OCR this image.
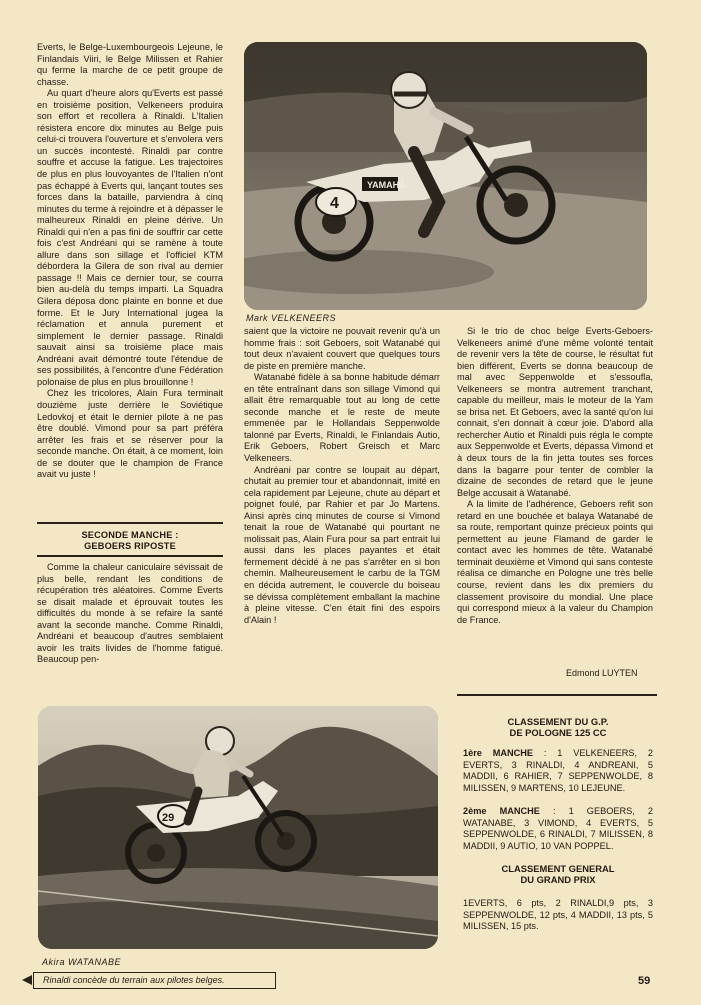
Everts, le Belge-Luxembourgeois Lejeune, le Finlandais Viiri, le Belge Milissen et Rahier qu ferme la marche de ce petit groupe de chasse.

Au quart d'heure alors qu'Everts est passé en troisième position, Velkeneers produira son effort et recollera à Rinaldi. L'Italien résistera encore dix minutes au Belge puis celui-ci trouvera l'ouverture et s'envolera vers un succès incontesté. Rinaldi par contre souffre et accuse la fatigue. Les trajectoires de plus en plus louvoyantes de l'Italien n'ont pas échappé à Everts qui, lançant toutes ses forces dans la bataille, parviendra à cinq minutes du terme à rejoindre et à dépasser le malheureux Rinaldi en pleine dérive. Un Rinaldi qui n'en a pas fini de souffrir car cette fois c'est Andréani qui se ramène à toute allure dans son sillage et l'officiel KTM débordera la Gilera de son rival au dernier passage !! Mais ce dernier tour, se courra bien au-delà du temps imparti. La Squadra Gilera déposa donc plainte en bonne et due forme. Et le Jury International jugea la réclamation et annula purement et simplement le dernier passage. Rinaldi sauvait ainsi sa troisième place mais Andréani avait démontré toute l'étendue de ses possibilités, à l'encontre d'une Fédération polonaise de plus en plus brouillonne !

Chez les tricolores, Alain Fura terminait douzième juste derrière le Soviétique Ledovkoj et était le dernier pilote à ne pas être doublé. Vimond pour sa part préféra arrêter les frais et se réserver pour la seconde manche. On était, à ce moment, loin de se douter que le champion de France avait vu juste !

SECONDE MANCHE :
GEBOERS RIPOSTE

Comme la chaleur caniculaire sévissait de plus belle, rendant les conditions de récupération très aléatoires. Comme Everts se disait malade et éprouvait toutes les difficultés du monde à se refaire la santé avant la seconde manche. Comme Rinaldi, Andréani et beaucoup d'autres semblaient avoir les traits livides de l'homme fatigué. Beaucoup pen-

YAMAHA
4
Mark VELKENEERS

saient que la victoire ne pouvait revenir qu'à un homme frais : soit Geboers, soit Watanabé qui tout deux n'avaient couvert que quelques tours de piste en première manche.

Watanabé fidèle à sa bonne habitude démarr en tête entraînant dans son sillage Vimond qui allait être remarquable tout au long de cette seconde manche et le reste de meute emmenée par le Hollandais Seppenwolde talonné par Everts, Rinaldi, le Finlandais Autio, Erik Geboers, Robert Greisch et Marc Velkeneers.

Andréani par contre se loupait au départ, chutait au premier tour et abandonnait, imité en cela rapidement par Lejeune, chute au départ et poignet foulé, par Rahier et par Jo Martens. Ainsi après cinq minutes de course si Vimond tenait la roue de Watanabé qui pourtant ne molissait pas, Alain Fura pour sa part entrait lui aussi dans les places payantes et était fermement décidé à ne pas s'arrêter en si bon chemin. Malheureusement le carbu de la TGM en décida autrement, le couvercle du boiseau se dévissa complètement emballant la machine à pleine vitesse. C'en était fini des espoirs d'Alain !

Si le trio de choc belge Everts-Geboers-Velkeneers animé d'une même volonté tentait de revenir vers la tête de course, le résultat fut bien différent, Everts se donna beaucoup de mal avec Seppenwolde et s'essoufla, Velkeneers se montra autrement tranchant, capable du meilleur, mais le moteur de la Yam se brisa net. Et Geboers, avec la santé qu'on lui connait, s'en donnait à cœur joie. D'abord alla rechercher Autio et Rinaldi puis régla le compte aux Seppenwolde et Everts, dépassa Vimond et à deux tours de la fin jetta toutes ses forces dans la bagarre pour tenter de combler la dizaine de secondes de retard que le jeune Belge accusait à Watanabé.

A la limite de l'adhérence, Geboers refit son retard en une bouchée et balaya Watanabé de sa route, remportant quinze précieux points qui permettent au jeune Flamand de garder le contact avec les hommes de tête. Watanabé terminait deuxième et Vimond qui sans conteste réalisa ce dimanche en Pologne une très belle course, revient dans les dix premiers du classement provisoire du mondial. Une place qui correspond mieux à la valeur du Champion de France.

Edmond LUYTEN
CLASSEMENT DU G.P.
DE POLOGNE 125 CC
1ère MANCHE : 1 VELKENEERS, 2 EVERTS, 3 RINALDI, 4 ANDREANI, 5 MADDII, 6 RAHIER, 7 SEPPENWOLDE, 8 MILISSEN, 9 MARTENS, 10 LEJEUNE.
2ème MANCHE : 1 GEBOERS, 2 WATANABE, 3 VIMOND, 4 EVERTS, 5 SEPPENWOLDE, 6 RINALDI, 7 MILISSEN, 8 MADDII, 9 AUTIO, 10 VAN POPPEL.
CLASSEMENT GENERAL
DU GRAND PRIX
1EVERTS, 6 pts, 2 RINALDI,9 pts, 3 SEPPENWOLDE, 12 pts, 4 MADDII, 13 pts, 5 MILISSEN, 15 pts.
29
Akira WATANABE
Rinaldi concède du terrain aux pilotes belges.	59
